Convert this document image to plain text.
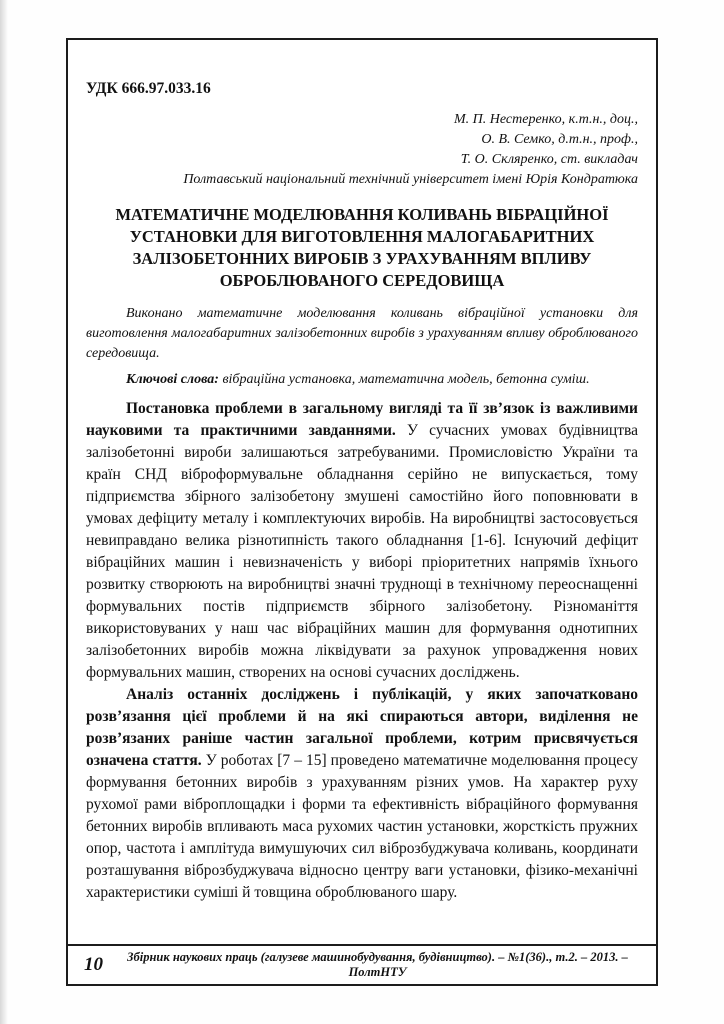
УДК 666.97.033.16
М. П. Нестеренко, к.т.н., доц.,
О. В. Семко, д.т.н., проф.,
Т. О. Скляренко, ст. викладач
Полтавський національний технічний університет імені Юрія Кондратюка
МАТЕМАТИЧНЕ МОДЕЛЮВАННЯ КОЛИВАНЬ ВІБРАЦІЙНОЇ УСТАНОВКИ ДЛЯ ВИГОТОВЛЕННЯ МАЛОГАБАРИТНИХ ЗАЛІЗОБЕТОННИХ ВИРОБІВ З УРАХУВАННЯМ ВПЛИВУ ОБРОБЛЮВАНОГО СЕРЕДОВИЩА

Виконано математичне моделювання коливань вібраційної установки для виготовлення малогабаритних залізобетонних виробів з урахуванням впливу оброблюваного середовища.

Ключові слова: вібраційна установка, математична модель, бетонна суміш.

Постановка проблеми в загальному вигляді та її зв’язок із важливими науковими та практичними завданнями. У сучасних умовах будівництва залізобетонні вироби залишаються затребуваними. Промисловістю України та країн СНД віброформувальне обладнання серійно не випускається, тому підприємства збірного залізобетону змушені самостійно його поповнювати в умовах дефіциту металу і комплектуючих виробів. На виробництві застосовується невиправдано велика різнотипність такого обладнання [1-6]. Існуючий дефіцит вібраційних машин і невизначеність у виборі пріоритетних напрямів їхнього розвитку створюють на виробництві значні труднощі в технічному переоснащенні формувальних постів підприємств збірного залізобетону. Різноманіття використовуваних у наш час вібраційних машин для формування однотипних залізобетонних виробів можна ліквідувати за рахунок упровадження нових формувальних машин, створених на основі сучасних досліджень.

Аналіз останніх досліджень і публікацій, у яких започатковано розв’язання цієї проблеми й на які спираються автори, виділення не розв’язаних раніше частин загальної проблеми, котрим присвячується означена стаття. У роботах [7 – 15] проведено математичне моделювання процесу формування бетонних виробів з урахуванням різних умов. На характер руху рухомої рами віброплощадки і форми та ефективність вібраційного формування бетонних виробів впливають маса рухомих частин установки, жорсткість пружних опор, частота і амплітуда вимушуючих сил віброзбуджувача коливань, координати розташування віброзбуджувача відносно центру ваги установки, фізико-механічні характеристики суміші й товщина оброблюваного шару.

10	Збірник наукових праць (галузеве машинобудування, будівництво). – №1(36)., т.2. – 2013. – ПолтНТУ
